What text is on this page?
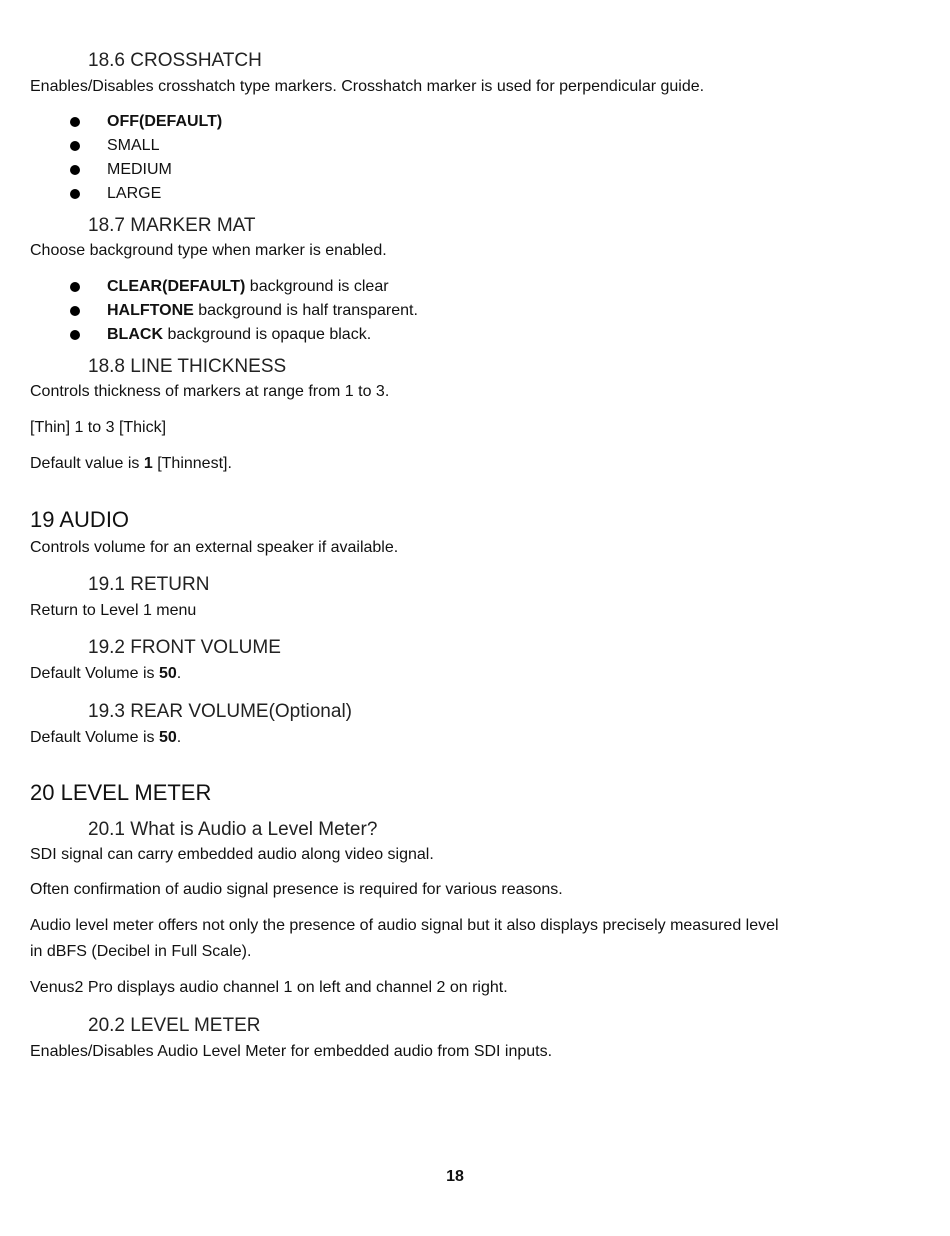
18.6 CROSSHATCH
Enables/Disables crosshatch type markers. Crosshatch marker is used for perpendicular guide.
OFF(DEFAULT)
SMALL
MEDIUM
LARGE
18.7 MARKER MAT
Choose background type when marker is enabled.
CLEAR(DEFAULT) background is clear
HALFTONE background is half transparent.
BLACK background is opaque black.
18.8 LINE THICKNESS
Controls thickness of markers at range from 1 to 3.
[Thin] 1 to 3 [Thick]
Default value is 1 [Thinnest].
19 AUDIO
Controls volume for an external speaker if available.
19.1 RETURN
Return to Level 1 menu
19.2 FRONT VOLUME
Default Volume is 50.
19.3 REAR VOLUME(Optional)
Default Volume is 50.
20 LEVEL METER
20.1 What is Audio a Level Meter?
SDI signal can carry embedded audio along video signal.
Often confirmation of audio signal presence is required for various reasons.
Audio level meter offers not only the presence of audio signal but it also displays precisely measured level
in dBFS (Decibel in Full Scale).
Venus2 Pro displays audio channel 1 on left and channel 2 on right.
20.2 LEVEL METER
Enables/Disables Audio Level Meter for embedded audio from SDI inputs.
18
